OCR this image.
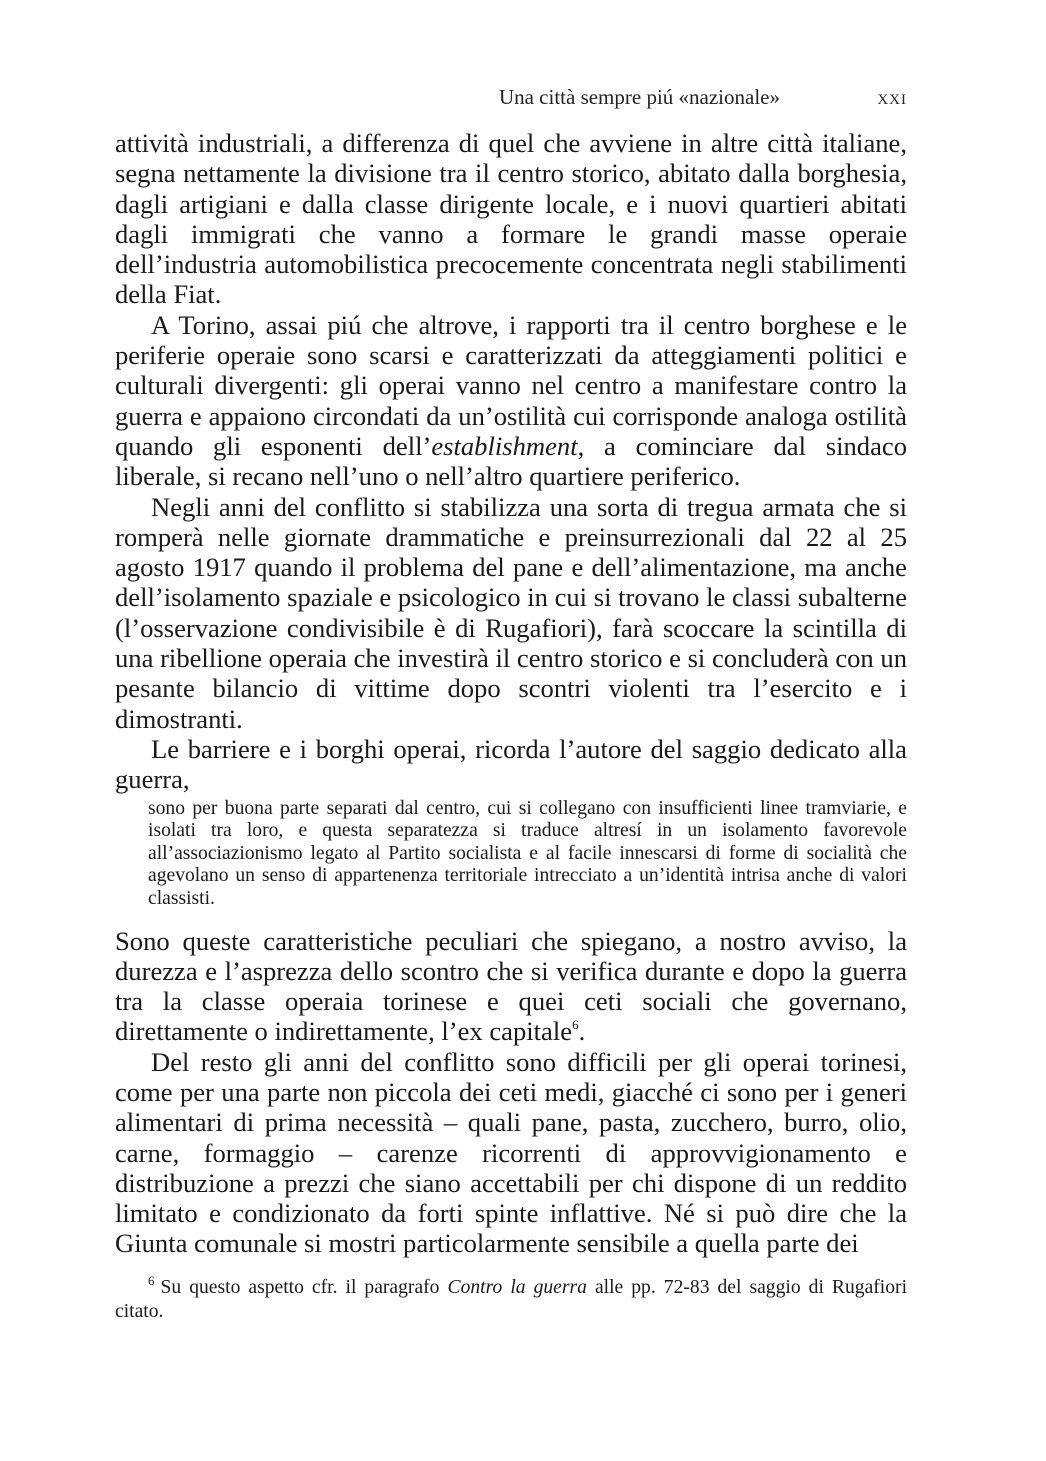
Una città sempre piú «nazionale»	xxi

attività industriali, a differenza di quel che avviene in altre città italiane, segna nettamente la divisione tra il centro storico, abitato dalla borghesia, dagli artigiani e dalla classe dirigente locale, e i nuovi quartieri abitati dagli immigrati che vanno a formare le grandi masse operaie dell’industria automobilistica precocemente concentrata negli stabilimenti della Fiat.

A Torino, assai piú che altrove, i rapporti tra il centro borghese e le periferie operaie sono scarsi e caratterizzati da atteggiamenti politici e culturali divergenti: gli operai vanno nel centro a manifestare contro la guerra e appaiono circondati da un’ostilità cui corrisponde analoga ostilità quando gli esponenti dell’establishment, a cominciare dal sindaco liberale, si recano nell’uno o nell’altro quartiere periferico.

Negli anni del conflitto si stabilizza una sorta di tregua armata che si romperà nelle giornate drammatiche e preinsurrezionali dal 22 al 25 agosto 1917 quando il problema del pane e dell’alimentazione, ma anche dell’isolamento spaziale e psicologico in cui si trovano le classi subalterne (l’osservazione condivisibile è di Rugafiori), farà scoccare la scintilla di una ribellione operaia che investirà il centro storico e si concluderà con un pesante bilancio di vittime dopo scontri violenti tra l’esercito e i dimostranti.

Le barriere e i borghi operai, ricorda l’autore del saggio dedicato alla guerra,

sono per buona parte separati dal centro, cui si collegano con insufficienti linee tramviarie, e isolati tra loro, e questa separatezza si traduce altresí in un isolamento favorevole all’associazionismo legato al Partito socialista e al facile innescarsi di forme di socialità che agevolano un senso di appartenenza territoriale intrecciato a un’identità intrisa anche di valori classisti.

Sono queste caratteristiche peculiari che spiegano, a nostro avviso, la durezza e l’asprezza dello scontro che si verifica durante e dopo la guerra tra la classe operaia torinese e quei ceti sociali che governano, direttamente o indirettamente, l’ex capitale$^6$.

Del resto gli anni del conflitto sono difficili per gli operai torinesi, come per una parte non piccola dei ceti medi, giacché ci sono per i generi alimentari di prima necessità – quali pane, pasta, zucchero, burro, olio, carne, formaggio – carenze ricorrenti di approvvigionamento e distribuzione a prezzi che siano accettabili per chi dispone di un reddito limitato e condizionato da forti spinte inflattive. Né si può dire che la Giunta comunale si mostri particolarmente sensibile a quella parte dei

$^6$ Su questo aspetto cfr. il paragrafo Contro la guerra alle pp. 72-83 del saggio di Rugafiori citato.
